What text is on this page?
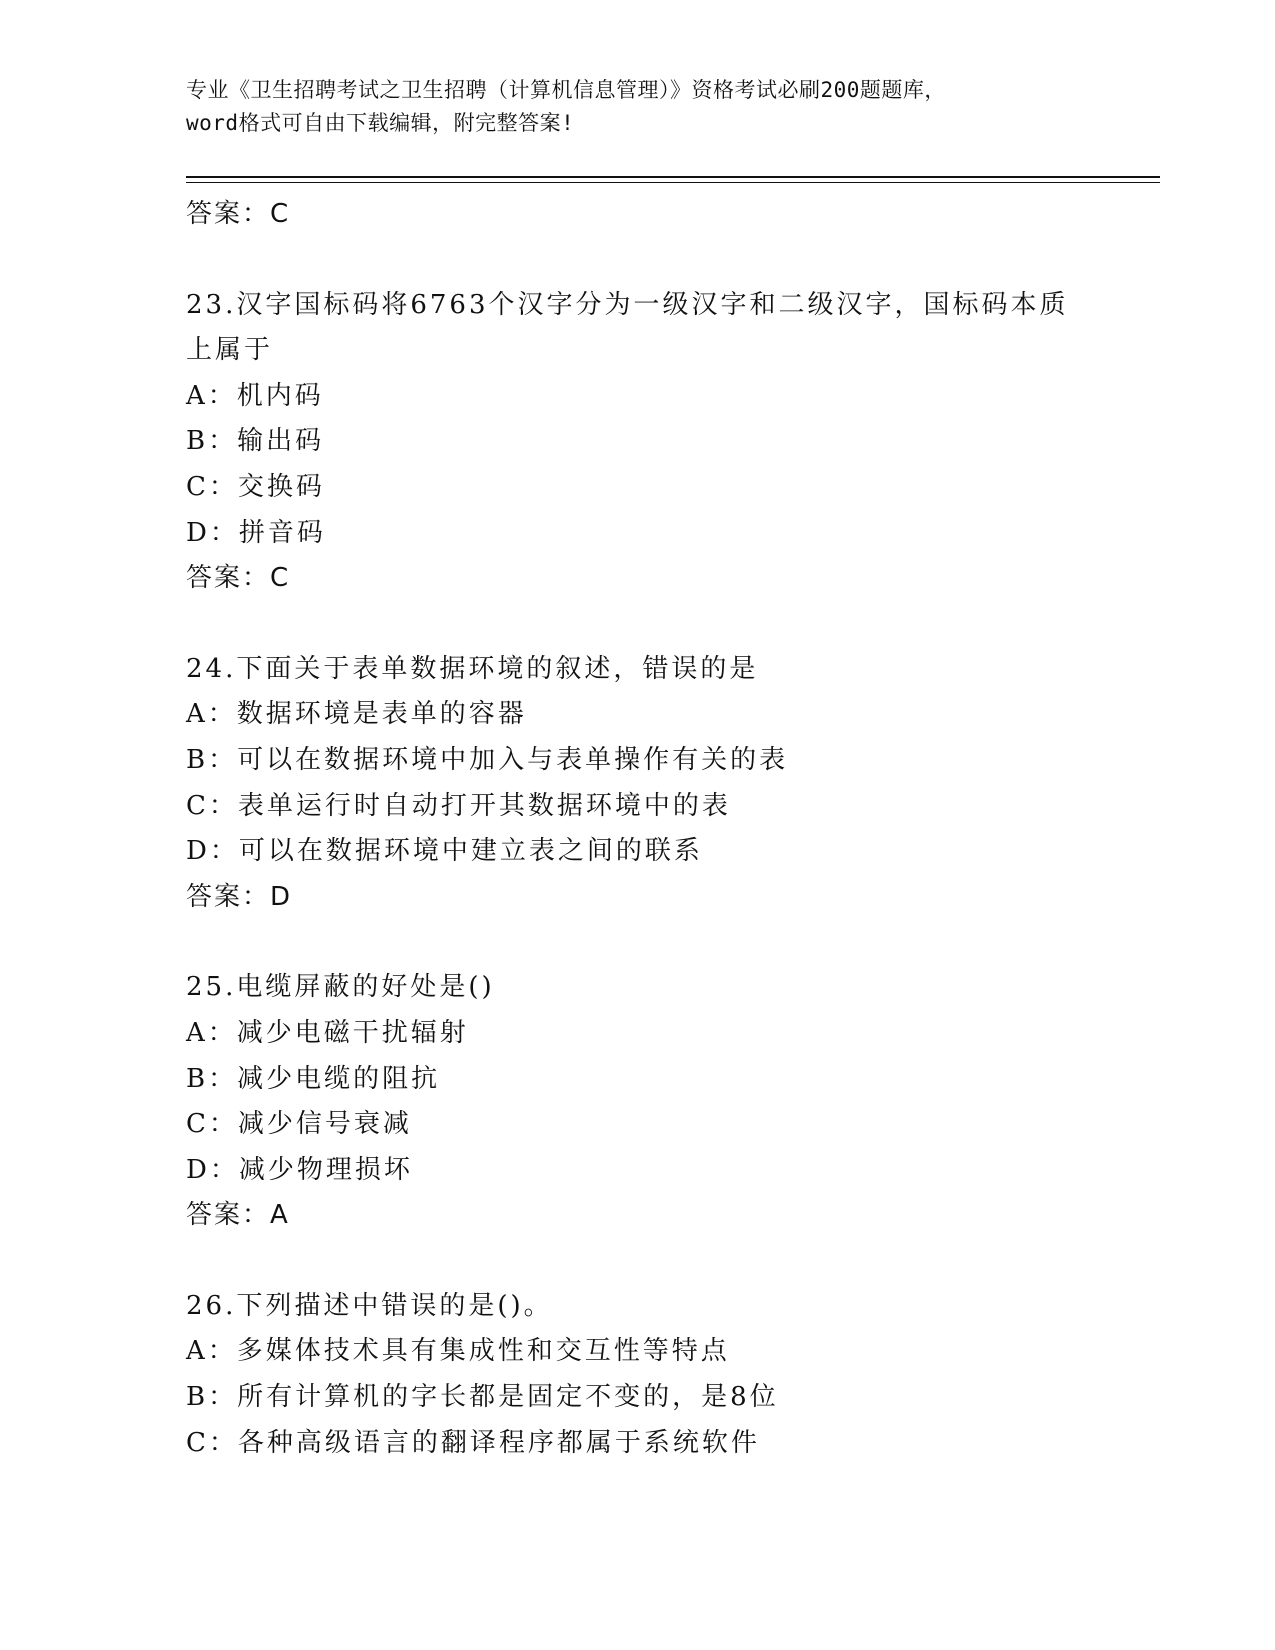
专业《卫生招聘考试之卫生招聘（计算机信息管理）》资格考试必刷200题题库，
word格式可自由下载编辑，附完整答案!
答案：C
23.汉字国标码将6763个汉字分为一级汉字和二级汉字，国标码本质
上属于
A：机内码
B：输出码
C：交换码
D：拼音码
答案：C
24.下面关于表单数据环境的叙述，错误的是
A：数据环境是表单的容器
B：可以在数据环境中加入与表单操作有关的表
C：表单运行时自动打开其数据环境中的表
D：可以在数据环境中建立表之间的联系
答案：D
25.电缆屏蔽的好处是()
A：减少电磁干扰辐射
B：减少电缆的阻抗
C：减少信号衰减
D：减少物理损坏
答案：A
26.下列描述中错误的是()。
A：多媒体技术具有集成性和交互性等特点
B：所有计算机的字长都是固定不变的，是8位
C：各种高级语言的翻译程序都属于系统软件
